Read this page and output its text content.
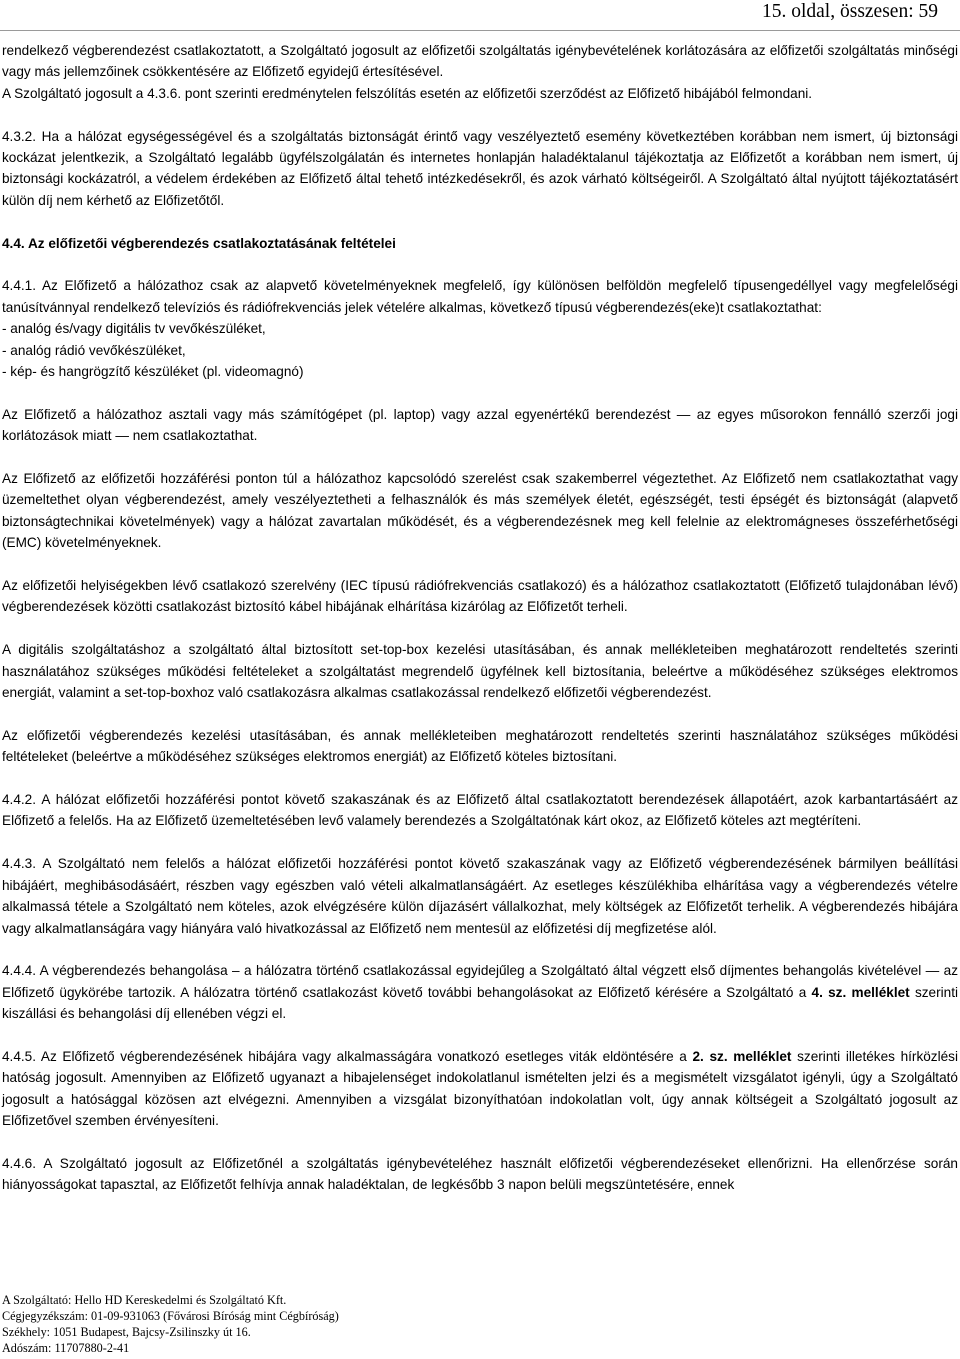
15. oldal, összesen: 59

rendelkező végberendezést csatlakoztatott, a Szolgáltató jogosult az előfizetői szolgáltatás igénybevételének korlátozására az előfizetői szolgáltatás minőségi vagy más jellemzőinek csökkentésére az Előfizető egyidejű értesítésével.

A Szolgáltató jogosult a 4.3.6. pont szerinti eredménytelen felszólítás esetén az előfizetői szerződést az Előfizető hibájából felmondani.

4.3.2. Ha a hálózat egységességével és a szolgáltatás biztonságát érintő vagy veszélyeztető esemény következtében korábban nem ismert, új biztonsági kockázat jelentkezik, a Szolgáltató legalább ügyfélszolgálatán és internetes honlapján haladéktalanul tájékoztatja az Előfizetőt a korábban nem ismert, új biztonsági kockázatról, a védelem érdekében az Előfizető által tehető intézkedésekről, és azok várható költségeiről. A Szolgáltató által nyújtott tájékoztatásért külön díj nem kérhető az Előfizetőtől.

4.4. Az előfizetői végberendezés csatlakoztatásának feltételei

4.4.1. Az Előfizető a hálózathoz csak az alapvető követelményeknek megfelelő, így különösen belföldön megfelelő típusengedéllyel vagy megfelelőségi tanúsítvánnyal rendelkező televíziós és rádiófrekvenciás jelek vételére alkalmas, következő típusú végberendezés(eke)t csatlakoztathat:

- analóg és/vagy digitális tv vevőkészüléket,
- analóg rádió vevőkészüléket,
- kép- és hangrögzítő készüléket (pl. videomagnó)

Az Előfizető a hálózathoz asztali vagy más számítógépet (pl. laptop) vagy azzal egyenértékű berendezést — az egyes műsorokon fennálló szerzői jogi korlátozások miatt — nem csatlakoztathat.

Az Előfizető az előfizetői hozzáférési ponton túl a hálózathoz kapcsolódó szerelést csak szakemberrel végeztethet. Az Előfizető nem csatlakoztathat vagy üzemeltethet olyan végberendezést, amely veszélyeztetheti a felhasználók és más személyek életét, egészségét, testi épségét és biztonságát (alapvető biztonságtechnikai követelmények) vagy a hálózat zavartalan működését, és a végberendezésnek meg kell felelnie az elektromágneses összeférhetőségi (EMC) követelményeknek.

Az előfizetői helyiségekben lévő csatlakozó szerelvény (IEC típusú rádiófrekvenciás csatlakozó) és a hálózathoz csatlakoztatott (Előfizető tulajdonában lévő) végberendezések közötti csatlakozást biztosító kábel hibájának elhárítása kizárólag az Előfizetőt terheli.

A digitális szolgáltatáshoz a szolgáltató által biztosított set-top-box kezelési utasításában, és annak mellékleteiben meghatározott rendeltetés szerinti használatához szükséges működési feltételeket a szolgáltatást megrendelő ügyfélnek kell biztosítania, beleértve a működéséhez szükséges elektromos energiát, valamint a set-top-boxhoz való csatlakozásra alkalmas csatlakozással rendelkező előfizetői végberendezést.

Az előfizetői végberendezés kezelési utasításában, és annak mellékleteiben meghatározott rendeltetés szerinti használatához szükséges működési feltételeket (beleértve a működéséhez szükséges elektromos energiát) az Előfizető köteles biztosítani.

4.4.2. A hálózat előfizetői hozzáférési pontot követő szakaszának és az Előfizető által csatlakoztatott berendezések állapotáért, azok karbantartásáért az Előfizető a felelős. Ha az Előfizető üzemeltetésében levő valamely berendezés a Szolgáltatónak kárt okoz, az Előfizető köteles azt megtéríteni.

4.4.3. A Szolgáltató nem felelős a hálózat előfizetői hozzáférési pontot követő szakaszának vagy az Előfizető végberendezésének bármilyen beállítási hibájáért, meghibásodásáért, részben vagy egészben való vételi alkalmatlanságáért. Az esetleges készülékhiba elhárítása vagy a végberendezés vételre alkalmassá tétele a Szolgáltató nem köteles, azok elvégzésére külön díjazásért vállalkozhat, mely költségek az Előfizetőt terhelik. A végberendezés hibájára vagy alkalmatlanságára vagy hiányára való hivatkozással az Előfizető nem mentesül az előfizetési díj megfizetése alól.

4.4.4. A végberendezés behangolása – a hálózatra történő csatlakozással egyidejűleg a Szolgáltató által végzett első díjmentes behangolás kivételével — az Előfizető ügykörébe tartozik. A hálózatra történő csatlakozást követő további behangolásokat az Előfizető kérésére a Szolgáltató a 4. sz. melléklet szerinti kiszállási és behangolási díj ellenében végzi el.

4.4.5. Az Előfizető végberendezésének hibájára vagy alkalmasságára vonatkozó esetleges viták eldöntésére a 2. sz. melléklet szerinti illetékes hírközlési hatóság jogosult. Amennyiben az Előfizető ugyanazt a hibajelenséget indokolatlanul ismételten jelzi és a megismételt vizsgálatot igényli, úgy a Szolgáltató jogosult a hatósággal közösen azt elvégezni. Amennyiben a vizsgálat bizonyíthatóan indokolatlan volt, úgy annak költségeit a Szolgáltató jogosult az Előfizetővel szemben érvényesíteni.

4.4.6. A Szolgáltató jogosult az Előfizetőnél a szolgáltatás igénybevételéhez használt előfizetői végberendezéseket ellenőrizni. Ha ellenőrzése során hiányosságokat tapasztal, az Előfizetőt felhívja annak haladéktalan, de legkésőbb 3 napon belüli megszüntetésére, ennek

A Szolgáltató: Hello HD Kereskedelmi és Szolgáltató Kft.
Cégjegyzékszám: 01-09-931063 (Fővárosi Bíróság mint Cégbíróság)
Székhely: 1051 Budapest, Bajcsy-Zsilinszky út 16.
Adószám: 11707880-2-41
